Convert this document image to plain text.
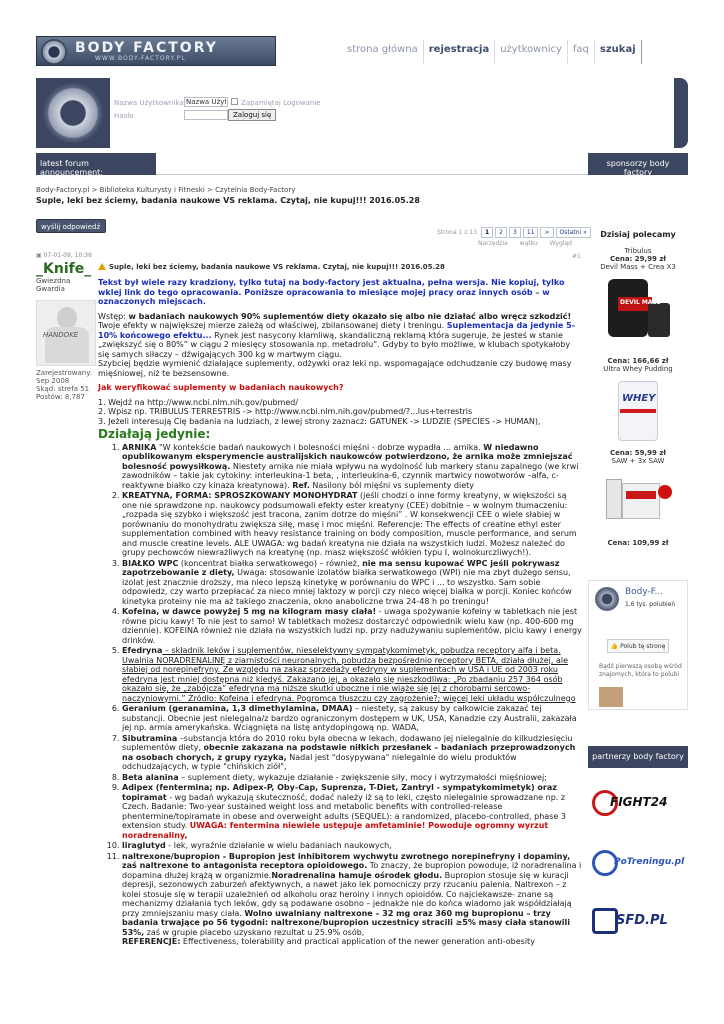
BODY FACTORY
WWW.BODY-FACTORY.PL
strona główna	rejestracja	użytkownicy	faq	szukaj
Nazwa Użytkownika
Nazwa Użytk	Zapamiętaj Logowanie
Hasło	Zaloguj się
latest forum announcement:
sponsorzy body factory
Body-Factory.pl > Biblioteka Kulturysty i Fitneski > Czytelnia Body-Factory
Suple, leki bez ściemy, badania naukowe VS reklama. Czytaj, nie kupuj!!! 2016.05.28
wyślij odpowiedź
Strona 1 z 13	1	2	3	11	>	Ostatni »
Narzędzia wątku Wygląd
#1
▣ 07-01-09, 10:36
_Knife_
Gwiezdna
Gwardia
HANDOKE
Zarejestrowany:
Sep 2008
Skąd: strefa 51
Postów: 8,787
Suple, leki bez ściemy, badania naukowe VS reklama. Czytaj, nie kupuj!!! 2016.05.28

Tekst był wiele razy kradziony, tylko tutaj na body-factory jest aktualna, pełna wersja. Nie kopiuj, tylko wklej link do tego opracowania. Poniższe opracowania to miesiące mojej pracy oraz innych osób – w oznaczonych miejscach.

Wstęp: w badaniach naukowych 90% suplementów diety okazało się albo nie działać albo wręcz szkodzić! Twoje efekty w największej mierze zależą od właściwej, zbilansowanej diety i treningu. Suplementacja da jedynie 5-10% końcowego efektu... Rynek jest nasycony kłamliwą, skandaliczną reklamą która sugeruje, że jesteś w stanie „zwiększyć się o 80%” w ciągu 2 miesięcy stosowania np. metadrolu”. Gdyby to było możliwe, w klubach spotykałoby się samych siłaczy – dźwigających 300 kg w martwym ciągu.
Szybciej będzie wymienić działające suplementy, odżywki oraz leki np. wspomagające odchudzanie czy budowę masy mięśniowej, niż te bezsensowne.

Jak weryfikować suplementy w badaniach naukowych?

1. Wejdź na http://www.ncbi.nlm.nih.gov/pubmed/
2. Wpisz np. TRIBULUS TERRESTRIS -> http://www.ncbi.nlm.nih.gov/pubmed/?...lus+terrestris
3. Jeżeli interesują Cię badania na ludziach, z lewej strony zaznacz: GATUNEK -> LUDZIE (SPECIES -> HUMAN),
Działają jedynie:
1. ARNIKA "W kontekście badań naukowych i bolesności mięśni - dobrze wypadła ... arnika. W niedawno opublikowanym eksperymencie australijskich naukowców potwierdzono, że arnika może zmniejszać bolesność powysiłkową. Niestety arnika nie miała wpływu na wydolność lub markery stanu zapalnego (we krwi zawodników – takie jak cytokiny: interleukina-1 beta, , interleukina-6, czynnik martwicy nowotworów –alfa, c-reaktywne białko czy kinaza kreatynowa). Ref. Nasilony ból mięśni vs suplementy diety
2. KREATYNA, FORMA: SPROSZKOWANY MONOHYDRAT (jeśli chodzi o inne formy kreatyny, w większości są one nie sprawdzone np. naukowcy podsumowali efekty ester kreatyny (CEE) dobitnie – w wolnym tłumaczeniu: „rozpada się szybko i większość jest tracona, zanim dotrze do mięśni” . W konsekwencji CEE o wiele słabiej w porównaniu do monohydratu zwiększa siłę, masę i moc mięśni. Referencje: The effects of creatine ethyl ester supplementation combined with heavy resistance training on body composition, muscle performance, and serum and muscle creatine levels. ALE UWAGA: wg badań kreatyna nie działa na wszystkich ludzi. Możesz należeć do grupy pechowców niewrażliwych na kreatynę (np. masz większość włókien typu I, wolnokurczliwych!).
3. BIAŁKO WPC (koncentrat białka serwatkowego) – również, nie ma sensu kupować WPC jeśli pokrywasz zapotrzebowanie z diety, Uwaga: stosowanie izolatów białka serwatkowego (WPI) nie ma zbyt dużego sensu, izolat jest znacznie droższy, ma nieco lepszą kinetykę w porównaniu do WPC i ... to wszystko. Sam sobie odpowiedz, czy warto przepłacać za nieco mniej laktozy w porcji czy nieco więcej białka w porcji. Koniec końców kinetyka proteiny nie ma aż takiego znaczenia, okno anaboliczne trwa 24-48 h po treningu!
4. Kofeina, w dawce powyżej 5 mg na kilogram masy ciała! - uwaga spożywanie kofeiny w tabletkach nie jest równe piciu kawy! To nie jest to samo! W tabletkach możesz dostarczyć odpowiednik wielu kaw (np. 400-600 mg dziennie). KOFEINA również nie działa na wszystkich ludzi np. przy nadużywaniu suplementów, piciu kawy i energy drinków.
5. Efedryna – składnik leków i suplementów, nieselektywny sympatykomimetyk, pobudza receptory alfa i beta. Uwalnia NORADRENALINĘ z ziarnistości neuronalnych, pobudza bezpośrednio receptory BETA, działa dłużej, ale słabiej od norepinefryny. Ze względu na zakaz sprzedaży efedryny w suplementach w USA i UE od 2003 roku efedryna jest mniej dostępna niż kiedyś. Zakazano jej, a okazało się nieszkodliwa: „Po zbadaniu 257 364 osób okazało się, że „zabójcza” efedryna ma niższe skutki uboczne i nie wiąże się jej z chorobami sercowo-naczyniowymi.” Źródło: Kofeina i efedryna. Pogromca tłuszczu czy zagrożenie?; więcej leki układu współczulnego
6. Geranium (geranamina, 1,3 dimethylamina, DMAA) – niestety, są zakusy by całkowicie zakazać tej substancji. Obecnie jest nielegalna/z bardzo ograniczonym dostępem w UK, USA, Kanadzie czy Australii, zakazała jej np. armia amerykańska. Wciągnięta na listę antydopingową np. WADA,
7. Sibutramina –substancja która do 2010 roku była obecna w lekach, dodawano jej nielegalnie do kilkudziesięciu suplementów diety, obecnie zakazana na podstawie niłkich przesłanek – badaniach przeprowadzonych na osobach chorych, z grupy ryzyka, Nadal jest "dosypywana" nielegalnie do wielu produktów odchudzających, w typie "chińskich ziół",
8. Beta alanina – suplement diety, wykazuje działanie - zwiększenie siły, mocy i wytrzymałości mięśniowej;
9. Adipex (fentermina; np. Adipex-P, Oby-Cap, Suprenza, T-Diet, Zantryl - sympatykomimetyk) oraz topiramat - wg badań wykazują skuteczność, dodać należy iż są to leki, często nielegalnie sprowadzane np. z Czech. Badanie: Two-year sustained weight loss and metabolic benefits with controlled-release phentermine/topiramate in obese and overweight adults (SEQUEL): a randomized, placebo-controlled, phase 3 extension study. UWAGA: fentermina niewiele ustępuje amfetaminie! Powoduje ogromny wyrzut noradrenaliny,
10. liraglutyd - lek, wyraźnie działanie w wielu badaniach naukowych,
11. naltrexone/bupropion - Bupropion jest inhibitorem wychwytu zwrotnego norepinefryny i dopaminy, zaś naltrexone to antagonista receptora opioidowego. To znaczy, że bupropion powoduje, iż noradrenalina i dopamina dłużej krążą w organizmie.Noradrenalina hamuje ośrodek głodu. Bupropion stosuje się w kuracji depresji, sezonowych zaburzeń afektywnych, a nawet jako lek pomocniczy przy rzucaniu palenia. Naltrexon – z kolei stosuje się w terapii uzależnień od alkoholu oraz heroiny i innych opioidów. Co najciekawsze- znane są mechanizmy działania tych leków, gdy są podawane osobno – jednakże nie do końca wiadomo jak współdziałają przy zmniejszaniu masy ciała. Wolno uwalniany naltrexone – 32 mg oraz 360 mg bupropionu – trzy badania trwające po 56 tygodni: naltrexone/bupropion uczestnicy stracili ≥5% masy ciała stanowili 53%, zaś w grupie placebo uzyskano rezultat u 25.9% osób,
REFERENCJE: Effectiveness, tolerability and practical application of the newer generation anti-obesity
Dzisiaj polecamy
Tribulus
Cena: 29,99 zł
Devil Mass + Crea X3
DEVIL MASS
Cena: 166,66 zł
Ultra Whey Pudding
WHEY
Cena: 59,99 zł
SAW + 3x SAW
Cena: 109,99 zł
Body-F...
1,6 tys. polubień
👍 Polub tę stronę
Bądź pierwszą osobą wśród znajomych, która to polubi
partnerzy body factory
FIGHT24
PoTreningu.pl
SFD.PL
